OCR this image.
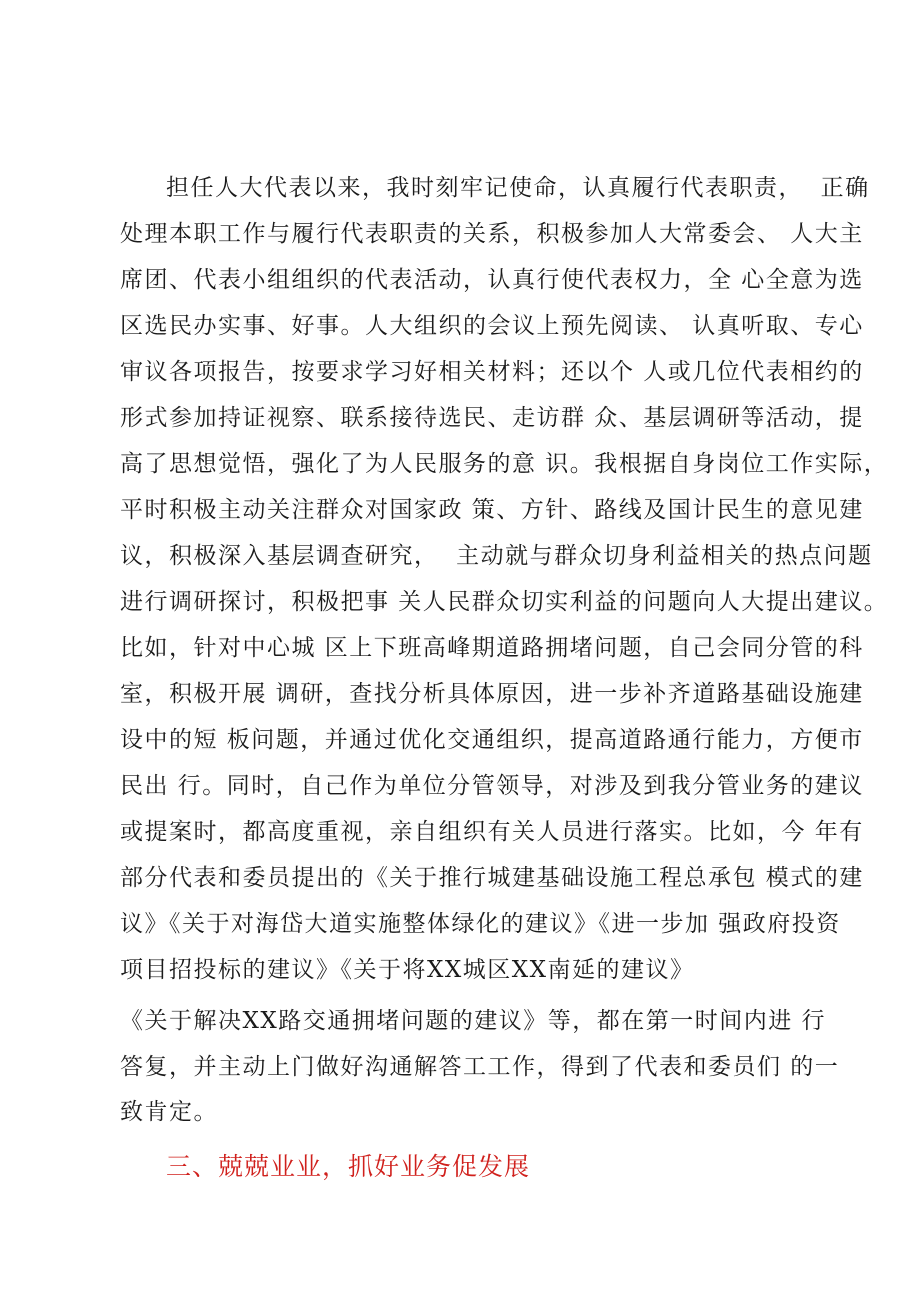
担任人大代表以来，我时刻牢记使命，认真履行代表职责，  正确
处理本职工作与履行代表职责的关系，积极参加人大常委会、 人大主
席团、代表小组组织的代表活动，认真行使代表权力，全 心全意为选
区选民办实事、好事。人大组织的会议上预先阅读、 认真听取、专心
审议各项报告，按要求学习好相关材料；还以个 人或几位代表相约的
形式参加持证视察、联系接待选民、走访群 众、基层调研等活动，提
高了思想觉悟，强化了为人民服务的意 识。我根据自身岗位工作实际，
平时积极主动关注群众对国家政 策、方针、路线及国计民生的意见建
议，积极深入基层调查研究，  主动就与群众切身利益相关的热点问题
进行调研探讨，积极把事 关人民群众切实利益的问题向人大提出建议。
比如，针对中心城 区上下班高峰期道路拥堵问题，自己会同分管的科
室，积极开展 调研，查找分析具体原因，进一步补齐道路基础设施建
设中的短 板问题，并通过优化交通组织，提高道路通行能力，方便市
民出 行。同时，自己作为单位分管领导，对涉及到我分管业务的建议
或提案时，都高度重视，亲自组织有关人员进行落实。比如，今 年有
部分代表和委员提出的《关于推行城建基础设施工程总承包 模式的建
议》《关于对海岱大道实施整体绿化的建议》《进一步加 强政府投资
项目招投标的建议》《关于将XX城区XX南延的建议》
《关于解决XX路交通拥堵问题的建议》等，都在第一时间内进 行
答复，并主动上门做好沟通解答工工作，得到了代表和委员们 的一
致肯定。
三、兢兢业业，抓好业务促发展
